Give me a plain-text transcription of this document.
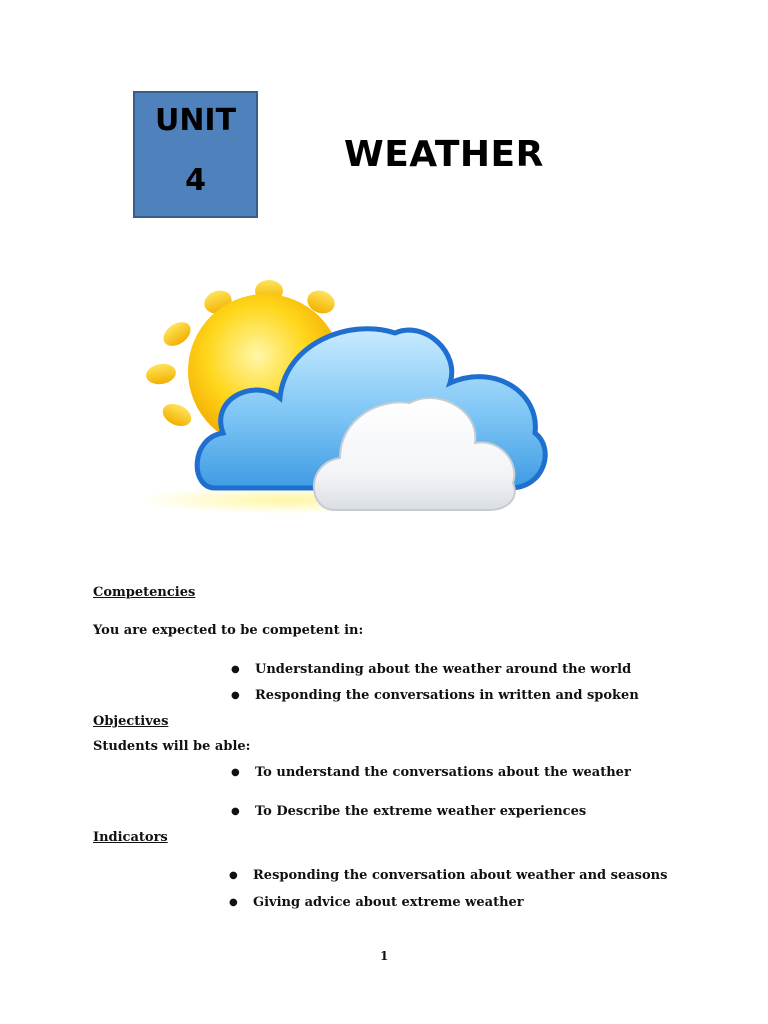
UNIT
4
WEATHER
Competencies
You are expected to be competent in:
● Understanding about the weather around the world
● Responding the conversations in written and spoken
Objectives
Students will be able:
● To understand the conversations about the weather
● To Describe the extreme weather experiences
Indicators
● Responding the conversation about weather and seasons
● Giving advice about extreme weather
1
